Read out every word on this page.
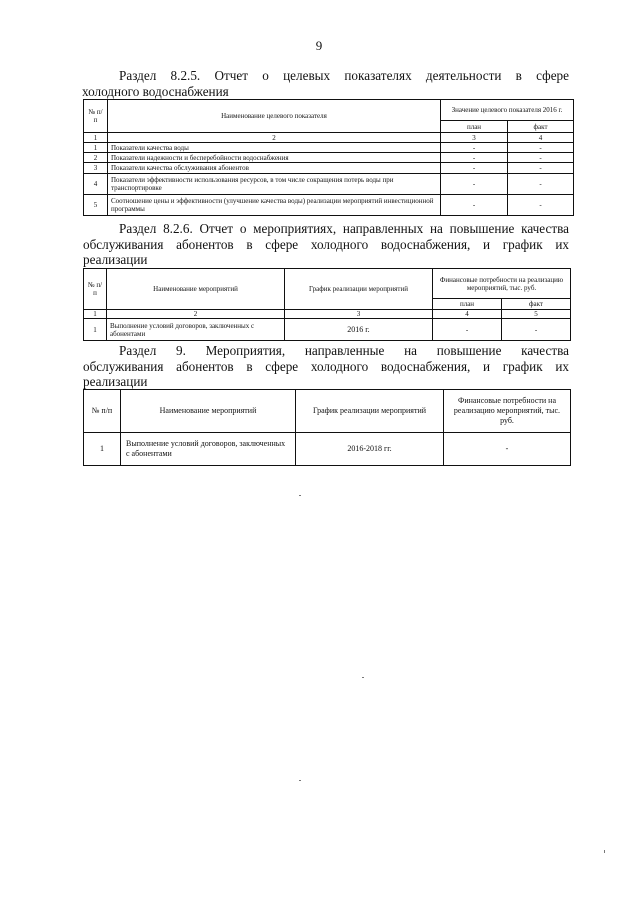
9

Раздел 8.2.5. Отчет о целевых показателях деятельности в сфере

холодного водоснабжения

№ п/п	Наименование целевого показателя	Значение целевого показателя 2016 г.	
		план	факт
1	2	3	4
1	Показатели качества воды	-	-
2	Показатели надежности и бесперебойности водоснабжения	-	-
3	Показатели качества обслуживания абонентов	-	-
4	Показатели эффективности использования ресурсов, в том числе сокращения потерь воды при транспортировке	-	-
5	Соотношение цены и эффективности (улучшение качества воды) реализации мероприятий инвестиционной программы	-	-

Раздел 8.2.6. Отчет о мероприятиях, направленных на повышение качества

обслуживания абонентов в сфере холодного водоснабжения, и график их

реализации

№ п/п	Наименование мероприятий	График реализации мероприятий	Финансовые потребности на реализацию мероприятий, тыс. руб.	
			план	факт
1	2	3	4	5
1	Выполнение условий договоров, заключенных с абонентами	2016 г.	-	-

Раздел 9. Мероприятия, направленные на повышение качества

обслуживания абонентов в сфере холодного водоснабжения, и график их

реализации

№ п/п	Наименование мероприятий	График реализации мероприятий	Финансовые потребности на реализацию мероприятий, тыс. руб.
1	Выполнение условий договоров, заключенных с абонентами	2016-2018 гг.	-
